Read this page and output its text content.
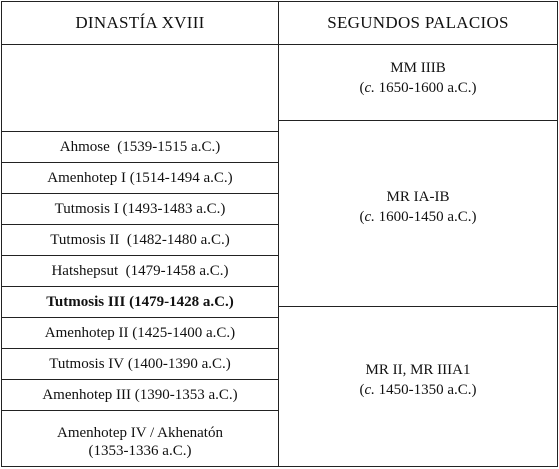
DINASTÍA XVIII
Ahmose
(1539-1515 a.C.)
Amenhotep I
(1514-1494 a.C.)
Tutmosis I
(1493-1483 a.C.)
Tutmosis II
(1482-1480 a.C.)
Hatshepsut
(1479-1458 a.C.)
Tutmosis III
(1479-1428 a.C.)
Amenhotep II
(1425-1400 a.C.)
Tutmosis IV
(1400-1390 a.C.)
Amenhotep III
(1390-1353 a.C.)
Amenhotep IV / Akhenatón
(1353-1336 a.C.)
SEGUNDOS PALACIOS
MM IIIB
(c. 1650-1600 a.C.)
MR IA-IB
(c. 1600-1450 a.C.)
MR II, MR IIIA1
(c. 1450-1350 a.C.)
